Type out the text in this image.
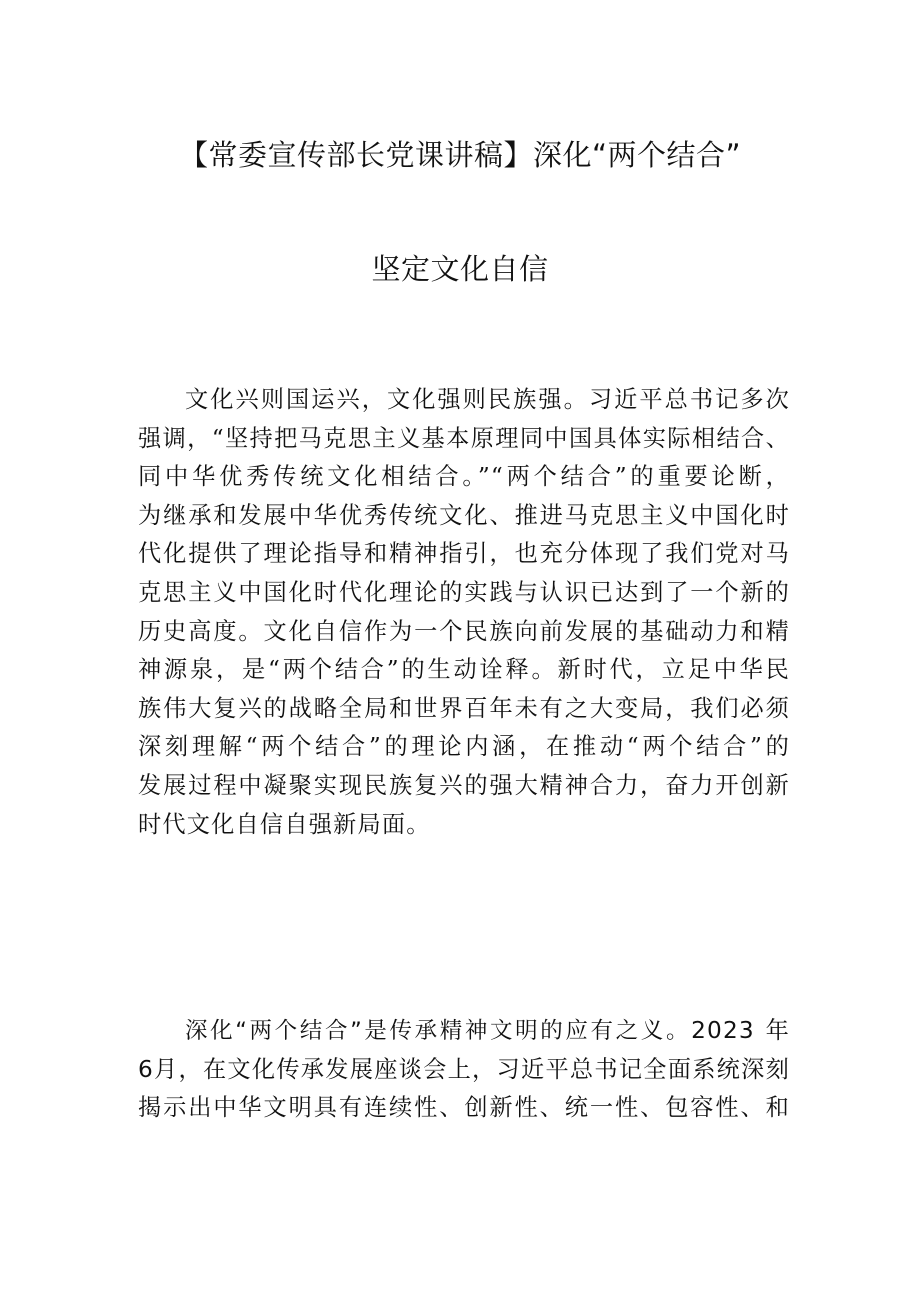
【常委宣传部长党课讲稿】深化“两个结合”
坚定文化自信
文化兴则国运兴，文化强则民族强。习近平总书记多次
强调，“坚持把马克思主义基本原理同中国具体实际相结合、
同中华优秀传统文化相结合。”“两个结合”的重要论断，
为继承和发展中华优秀传统文化、推进马克思主义中国化时
代化提供了理论指导和精神指引，也充分体现了我们党对马
克思主义中国化时代化理论的实践与认识已达到了一个新的
历史高度。文化自信作为一个民族向前发展的基础动力和精
神源泉，是“两个结合”的生动诠释。新时代，立足中华民
族伟大复兴的战略全局和世界百年未有之大变局，我们必须
深刻理解“两个结合”的理论内涵，在推动“两个结合”的
发展过程中凝聚实现民族复兴的强大精神合力，奋力开创新
时代文化自信自强新局面。
深化“两个结合”是传承精神文明的应有之义。2023 年
6月，在文化传承发展座谈会上，习近平总书记全面系统深刻
揭示出中华文明具有连续性、创新性、统一性、包容性、和
